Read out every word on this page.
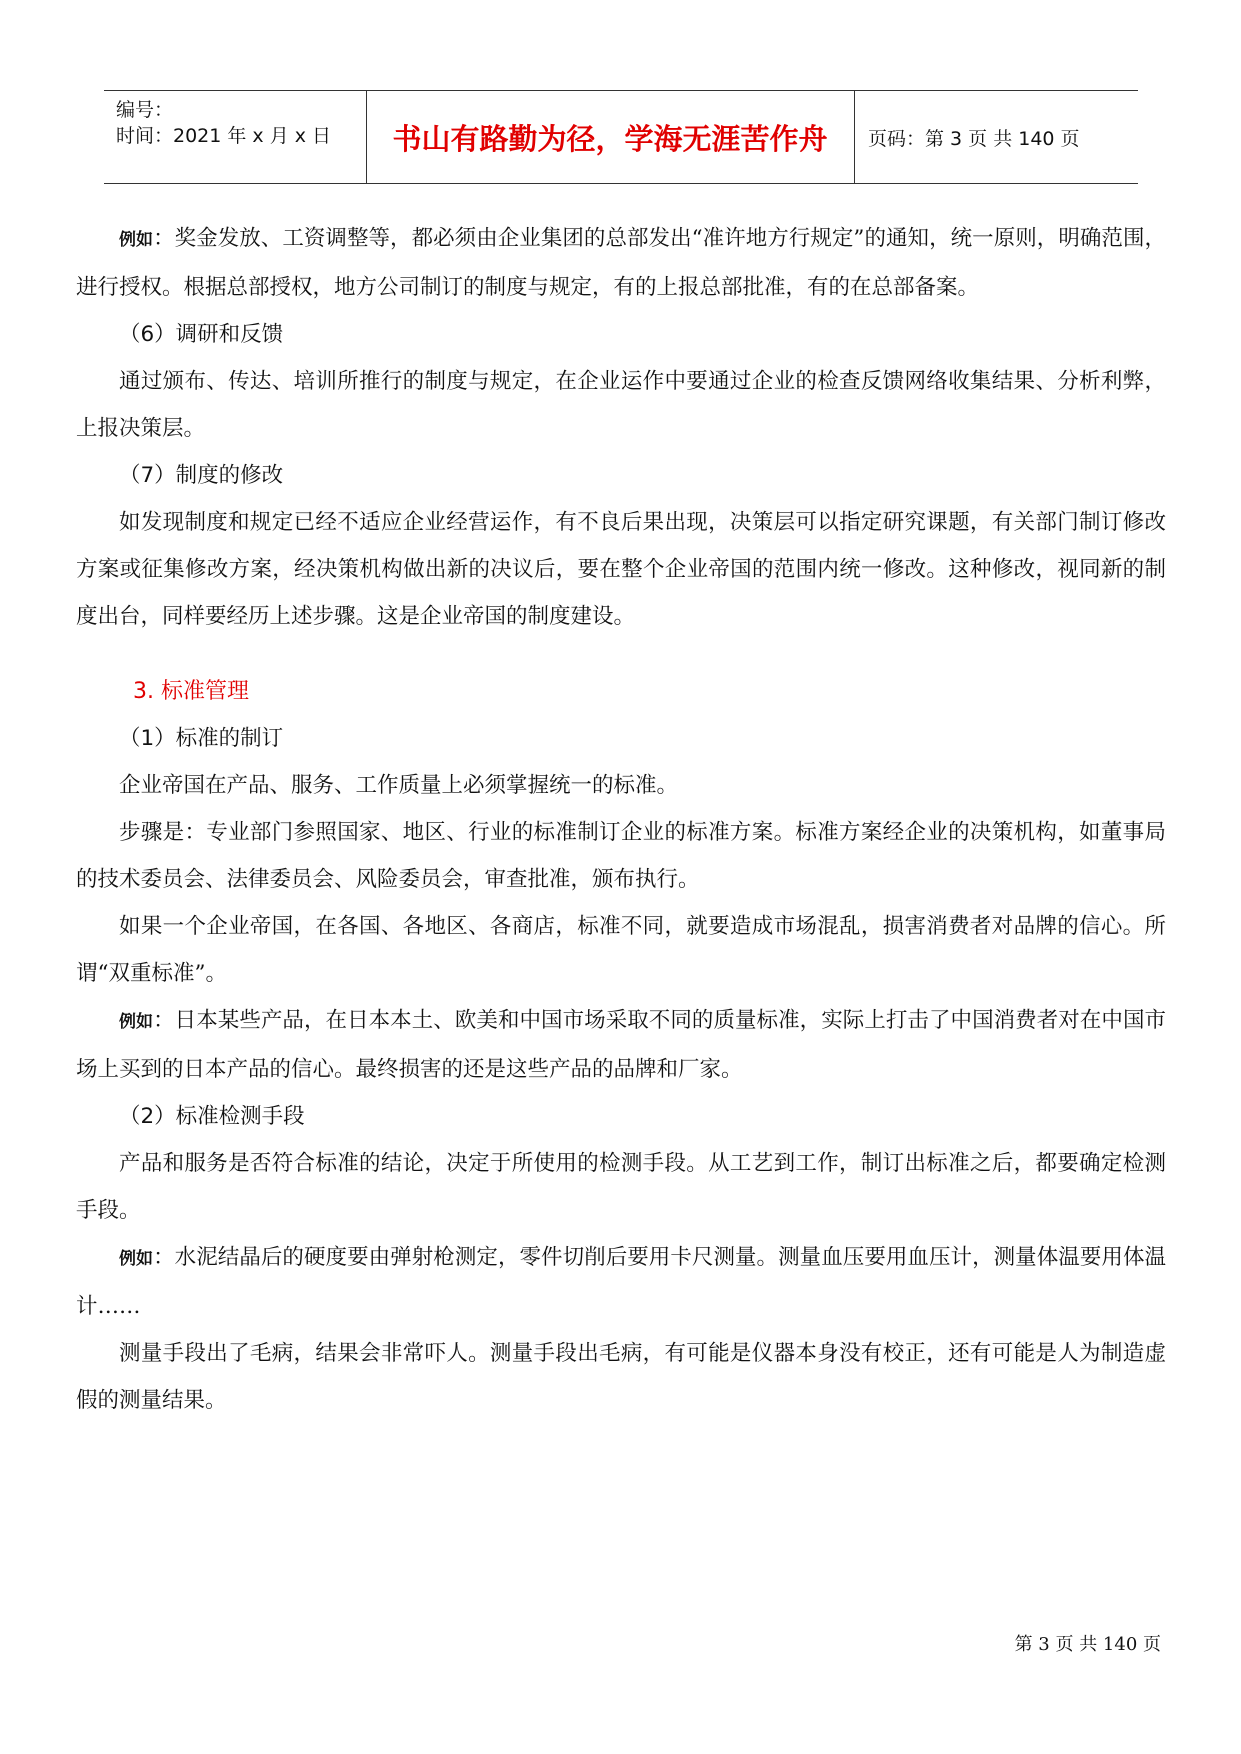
编号：
时间：2021 年 x 月 x 日	书山有路勤为径，学海无涯苦作舟	页码：第 3 页 共 140 页

例如：奖金发放、工资调整等，都必须由企业集团的总部发出“准许地方行规定”的通知，统一原则，明确范围，进行授权。根据总部授权，地方公司制订的制度与规定，有的上报总部批准，有的在总部备案。

（6）调研和反馈

通过颁布、传达、培训所推行的制度与规定，在企业运作中要通过企业的检查反馈网络收集结果、分析利弊，上报决策层。

（7）制度的修改

如发现制度和规定已经不适应企业经营运作，有不良后果出现，决策层可以指定研究课题，有关部门制订修改方案或征集修改方案，经决策机构做出新的决议后，要在整个企业帝国的范围内统一修改。这种修改，视同新的制度出台，同样要经历上述步骤。这是企业帝国的制度建设。

3. 标准管理

（1）标准的制订

企业帝国在产品、服务、工作质量上必须掌握统一的标准。

步骤是：专业部门参照国家、地区、行业的标准制订企业的标准方案。标准方案经企业的决策机构，如董事局的技术委员会、法律委员会、风险委员会，审查批准，颁布执行。

如果一个企业帝国，在各国、各地区、各商店，标准不同，就要造成市场混乱，损害消费者对品牌的信心。所谓“双重标准”。

例如：日本某些产品，在日本本土、欧美和中国市场采取不同的质量标准，实际上打击了中国消费者对在中国市场上买到的日本产品的信心。最终损害的还是这些产品的品牌和厂家。

（2）标准检测手段

产品和服务是否符合标准的结论，决定于所使用的检测手段。从工艺到工作，制订出标准之后，都要确定检测手段。

例如：水泥结晶后的硬度要由弹射枪测定，零件切削后要用卡尺测量。测量血压要用血压计，测量体温要用体温计……

测量手段出了毛病，结果会非常吓人。测量手段出毛病，有可能是仪器本身没有校正，还有可能是人为制造虚假的测量结果。

第 3 页 共 140 页
